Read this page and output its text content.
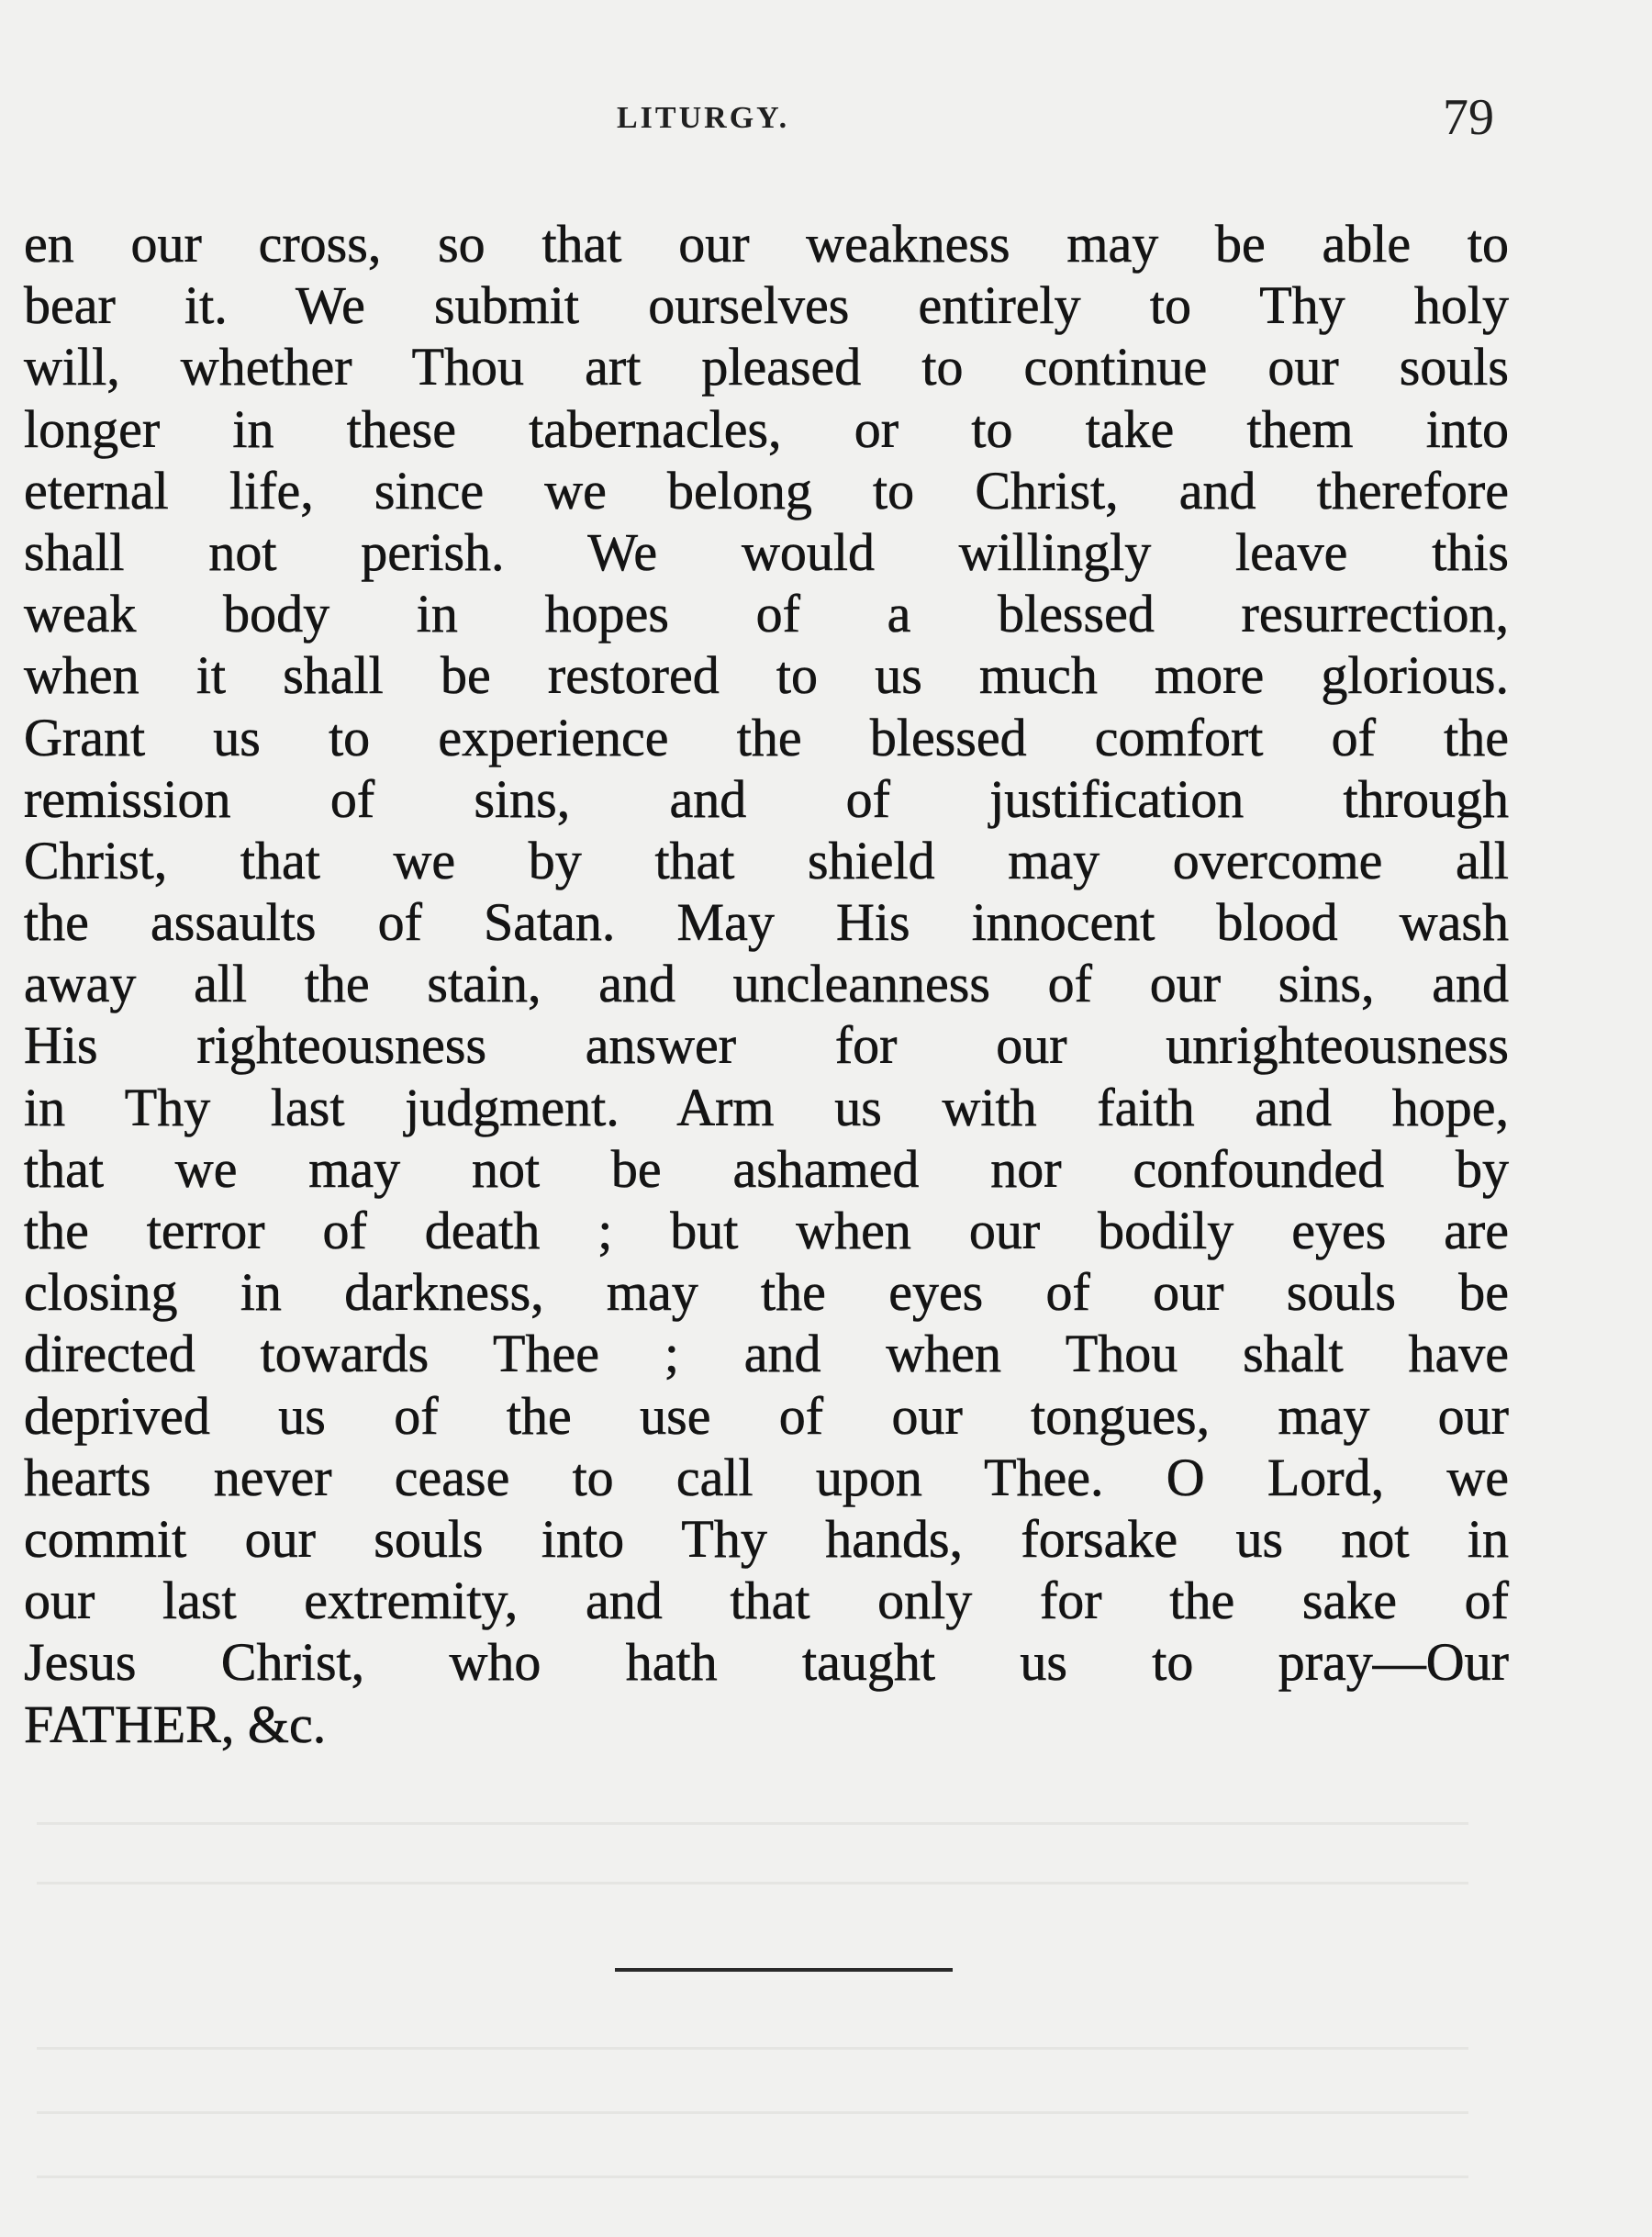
LITURGY.	79
en our cross, so that our weakness may be able to
bear it. We submit ourselves entirely to Thy holy
will, whether Thou art pleased to continue our souls
longer in these tabernacles, or to take them into
eternal life, since we belong to Christ, and therefore
shall not perish. We would willingly leave this
weak body in hopes of a blessed resurrection,
when it shall be restored to us much more glorious.
Grant us to experience the blessed comfort of the
remission of sins, and of justification through
Christ, that we by that shield may overcome all
the assaults of Satan. May His innocent blood wash
away all the stain, and uncleanness of our sins, and
His righteousness answer for our unrighteousness
in Thy last judgment. Arm us with faith and hope,
that we may not be ashamed nor confounded by
the terror of death ; but when our bodily eyes are
closing in darkness, may the eyes of our souls be
directed towards Thee ; and when Thou shalt have
deprived us of the use of our tongues, may our
hearts never cease to call upon Thee. O Lord, we
commit our souls into Thy hands, forsake us not in
our last extremity, and that only for the sake of
Jesus Christ, who hath taught us to pray—Our
FATHER, &c.
